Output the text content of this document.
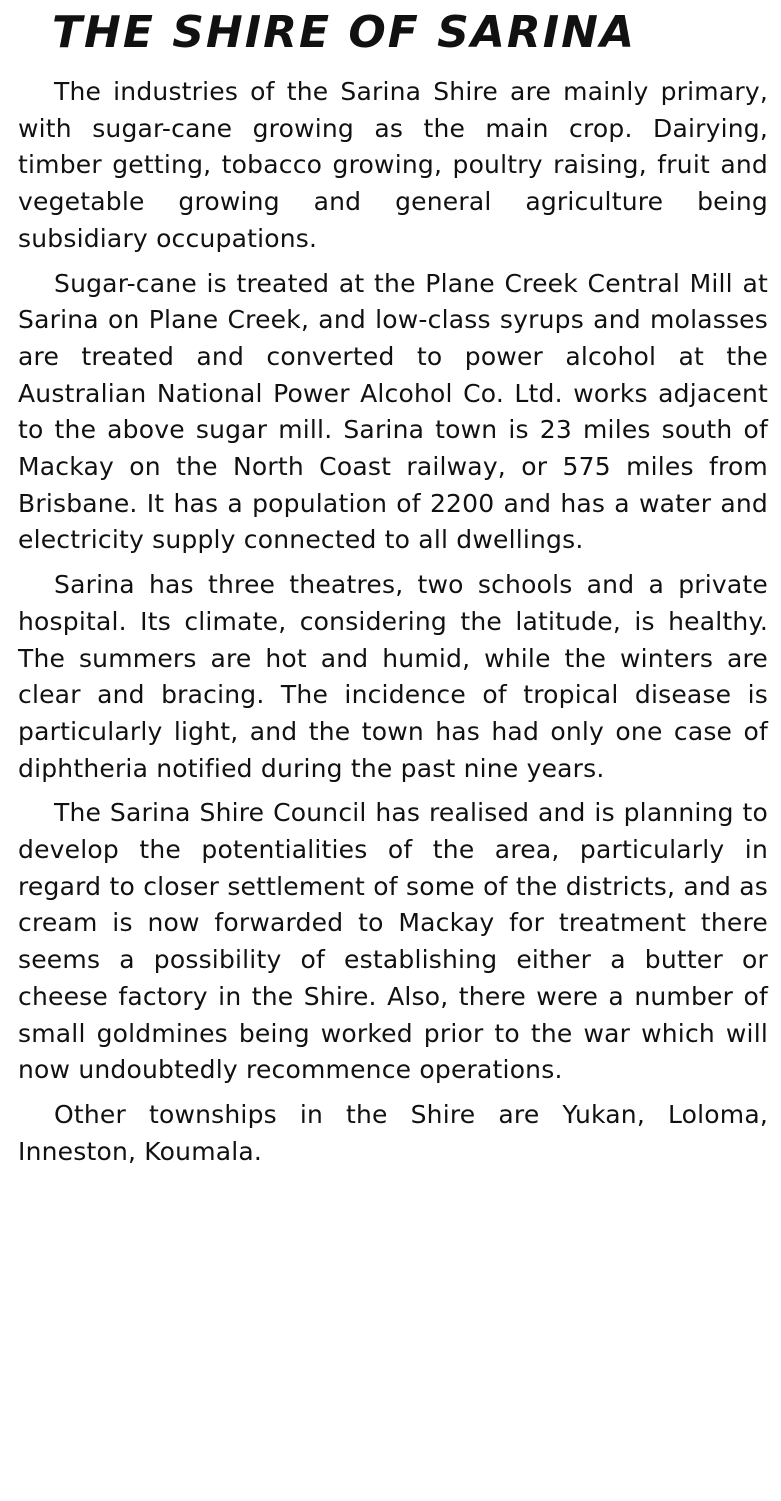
THE SHIRE OF SARINA

The industries of the Sarina Shire are mainly primary, with sugar-cane growing as the main crop. Dairying, timber getting, tobacco growing, poultry raising, fruit and vegetable growing and general agriculture being subsidiary occupations.

Sugar-cane is treated at the Plane Creek Central Mill at Sarina on Plane Creek, and low-class syrups and molasses are treated and converted to power alcohol at the Australian National Power Alcohol Co. Ltd. works adjacent to the above sugar mill. Sarina town is 23 miles south of Mackay on the North Coast railway, or 575 miles from Brisbane. It has a population of 2200 and has a water and electricity supply connected to all dwellings.

Sarina has three theatres, two schools and a private hospital. Its climate, considering the latitude, is healthy. The summers are hot and humid, while the winters are clear and bracing. The incidence of tropical disease is particularly light, and the town has had only one case of diphtheria notified during the past nine years.

The Sarina Shire Council has realised and is planning to develop the potentialities of the area, particularly in regard to closer settlement of some of the districts, and as cream is now forwarded to Mackay for treatment there seems a possibility of establishing either a butter or cheese factory in the Shire. Also, there were a number of small goldmines being worked prior to the war which will now undoubtedly recommence operations.

Other townships in the Shire are Yukan, Loloma, Inneston, Koumala.
